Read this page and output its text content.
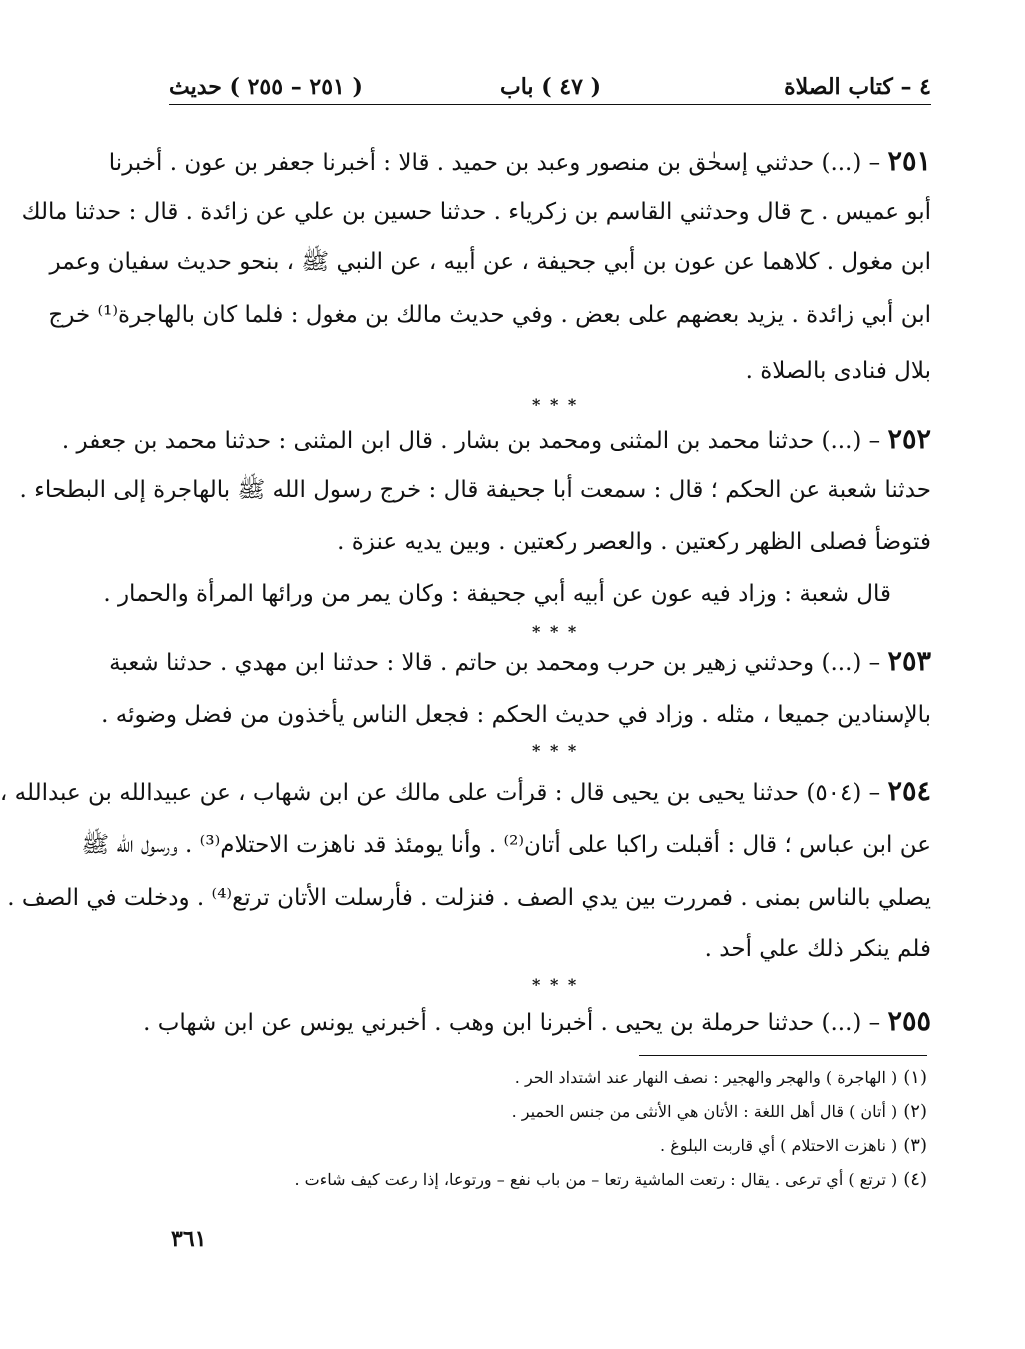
٤ – كتاب الصلاة
( ٤٧ ) باب
( ٢٥١ – ٢٥٥ ) حديث
٢٥١ – (...) حدثني إسحٰق بن منصور وعبد بن حميد . قالا : أخبرنا جعفر بن عون . أخبرنا
أبو عميس . ح قال وحدثني القاسم بن زكرياء . حدثنا حسين بن علي عن زائدة . قال : حدثنا مالك
ابن مغول . كلاهما عن عون بن أبي جحيفة ، عن أبيه ، عن النبي ﷺ ، بنحو حديث سفيان وعمر
ابن أبي زائدة . يزيد بعضهم على بعض . وفي حديث مالك بن مغول : فلما كان بالهاجرة⁽¹⁾ خرج
بلال فنادى بالصلاة .
* * *
٢٥٢ – (...) حدثنا محمد بن المثنى ومحمد بن بشار . قال ابن المثنى : حدثنا محمد بن جعفر .
حدثنا شعبة عن الحكم ؛ قال : سمعت أبا جحيفة قال : خرج رسول الله ﷺ بالهاجرة إلى البطحاء .
فتوضأ فصلى الظهر ركعتين . والعصر ركعتين . وبين يديه عنزة .
قال شعبة : وزاد فيه عون عن أبيه أبي جحيفة : وكان يمر من ورائها المرأة والحمار .
* * *
٢٥٣ – (...) وحدثني زهير بن حرب ومحمد بن حاتم . قالا : حدثنا ابن مهدي . حدثنا شعبة
بالإسنادين جميعا ، مثله . وزاد في حديث الحكم : فجعل الناس يأخذون من فضل وضوئه .
* * *
٢٥٤ – (٥٠٤) حدثنا يحيى بن يحيى قال : قرأت على مالك عن ابن شهاب ، عن عبيدالله بن عبدالله ،
عن ابن عباس ؛ قال : أقبلت راكبا على أتان⁽²⁾ . وأنا يومئذ قد ناهزت الاحتلام⁽³⁾ . ورسول الله ﷺ
يصلي بالناس بمنى . فمررت بين يدي الصف . فنزلت . فأرسلت الأتان ترتع⁽⁴⁾ . ودخلت في الصف .
فلم ينكر ذلك علي أحد .
* * *
٢٥٥ – (...) حدثنا حرملة بن يحيى . أخبرنا ابن وهب . أخبرني يونس عن ابن شهاب .
(١)( الهاجرة ) والهجر والهجير : نصف النهار عند اشتداد الحر .
(٢)( أتان ) قال أهل اللغة : الأتان هي الأنثى من جنس الحمير .
(٣)( ناهزت الاحتلام ) أي قاربت البلوغ .
(٤)( ترتع ) أي ترعى . يقال : رتعت الماشية رتعا – من باب نفع – ورتوعا، إذا رعت كيف شاءت .
٣٦١
